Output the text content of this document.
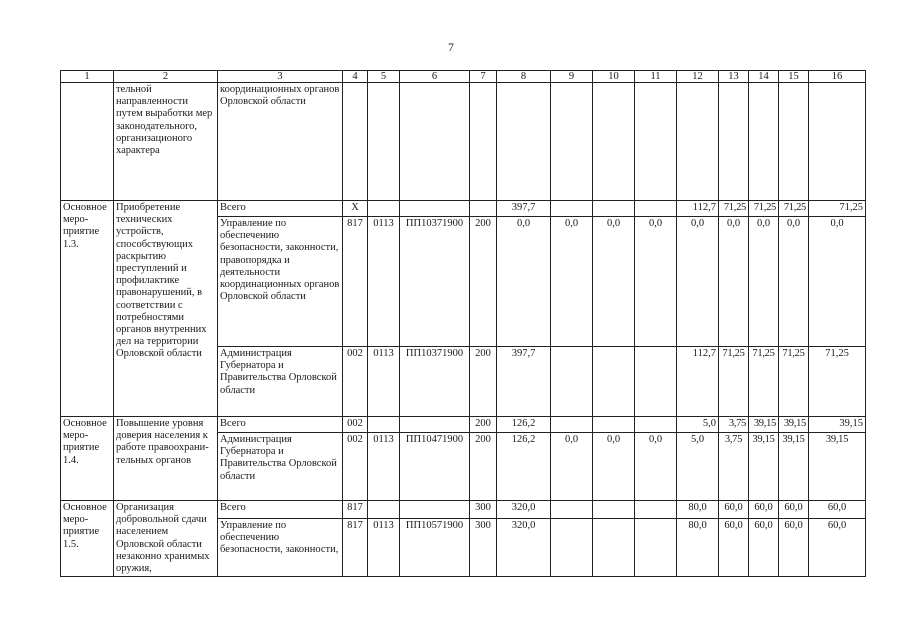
7
1	2	3	4	5	6	7	8	9	10	11	12	13	14	15	16
	тельной направленности путем выработки мер законодательного, организационого характера	координационных органов Орловской области													
Основное меро-приятие 1.3.	Приобретение технических устройств, способствующих раскрытию преступлений и профилактике правонарушений, в соответствии с потребностями органов внутренних дел на территории Орловской области	Всего	Х				397,7				112,7	71,25	71,25	71,25	71,25
		Управление по обеспечению безопасности, законности, правопорядка и деятельности координационных органов Орловской области	817	0113	ПП10371900	200	0,0	0,0	0,0	0,0	0,0	0,0	0,0	0,0	0,0
		Администрация Губернатора и Правительства Орловской области	002	0113	ПП10371900	200	397,7				112,7	71,25	71,25	71,25	71,25
Основное меро-приятие 1.4.	Повышение уровня доверия населения к работе правоохрани-тельных органов	Всего	002			200	126,2				5,0	3,75	39,15	39,15	39,15
		Администрация Губернатора и Правительства Орловской области	002	0113	ПП10471900	200	126,2	0,0	0,0	0,0	5,0	3,75	39,15	39,15	39,15
Основное меро-приятие 1.5.	Организация добровольной сдачи населением Орловской области незаконно хранимых оружия,	Всего	817			300	320,0				80,0	60,0	60,0	60,0	60,0
		Управление по обеспечению безопасности, законности,	817	0113	ПП10571900	300	320,0				80,0	60,0	60,0	60,0	60,0
